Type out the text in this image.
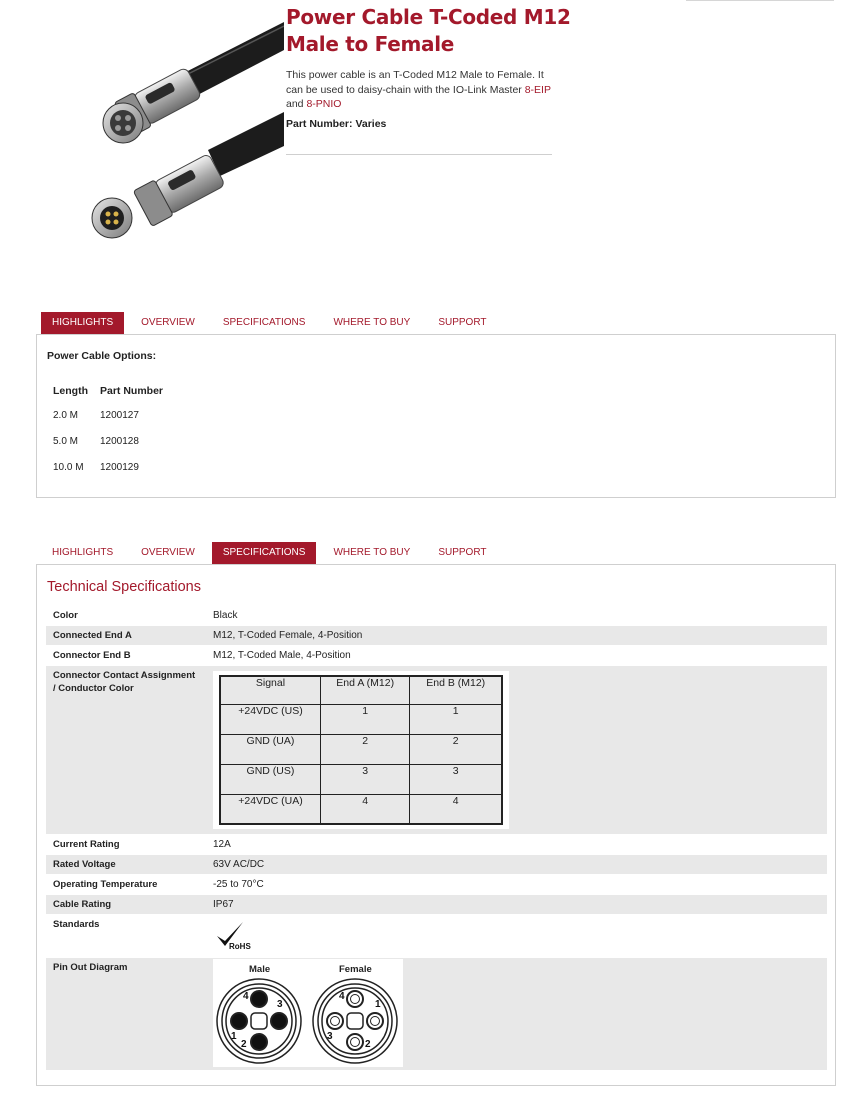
Power Cable T-Coded M12 Male to Female

This power cable is an T-Coded M12 Male to Female. It can be used to daisy-chain with the IO-Link Master 8-EIP and 8-PNIO

Part Number: Varies
HIGHLIGHTS	OVERVIEW	SPECIFICATIONS	WHERE TO BUY	SUPPORT
Power Cable Options:
Length	Part Number
2.0 M	1200127
5.0 M	1200128
10.0 M	1200129
HIGHLIGHTS	OVERVIEW	SPECIFICATIONS	WHERE TO BUY	SUPPORT
Technical Specifications
Color	Black
Connected End A	M12, T-Coded Female, 4-Position
Connector End B	M12, T-Coded Male, 4-Position
Connector Contact Assignment / Conductor Color		Signal	End A (M12)	End B (M12)
+24VDC (US)	1	1
GND (UA)	2	2
GND (US)	3	3
+24VDC (UA)	4	4

Current Rating	12A
Rated Voltage	63V AC/DC
Operating Temperature	-25 to 70°C
Cable Rating	IP67
Standards	
RoHS

Pin Out Diagram	Male	Female
4
3
1
2
4
1
3
2
